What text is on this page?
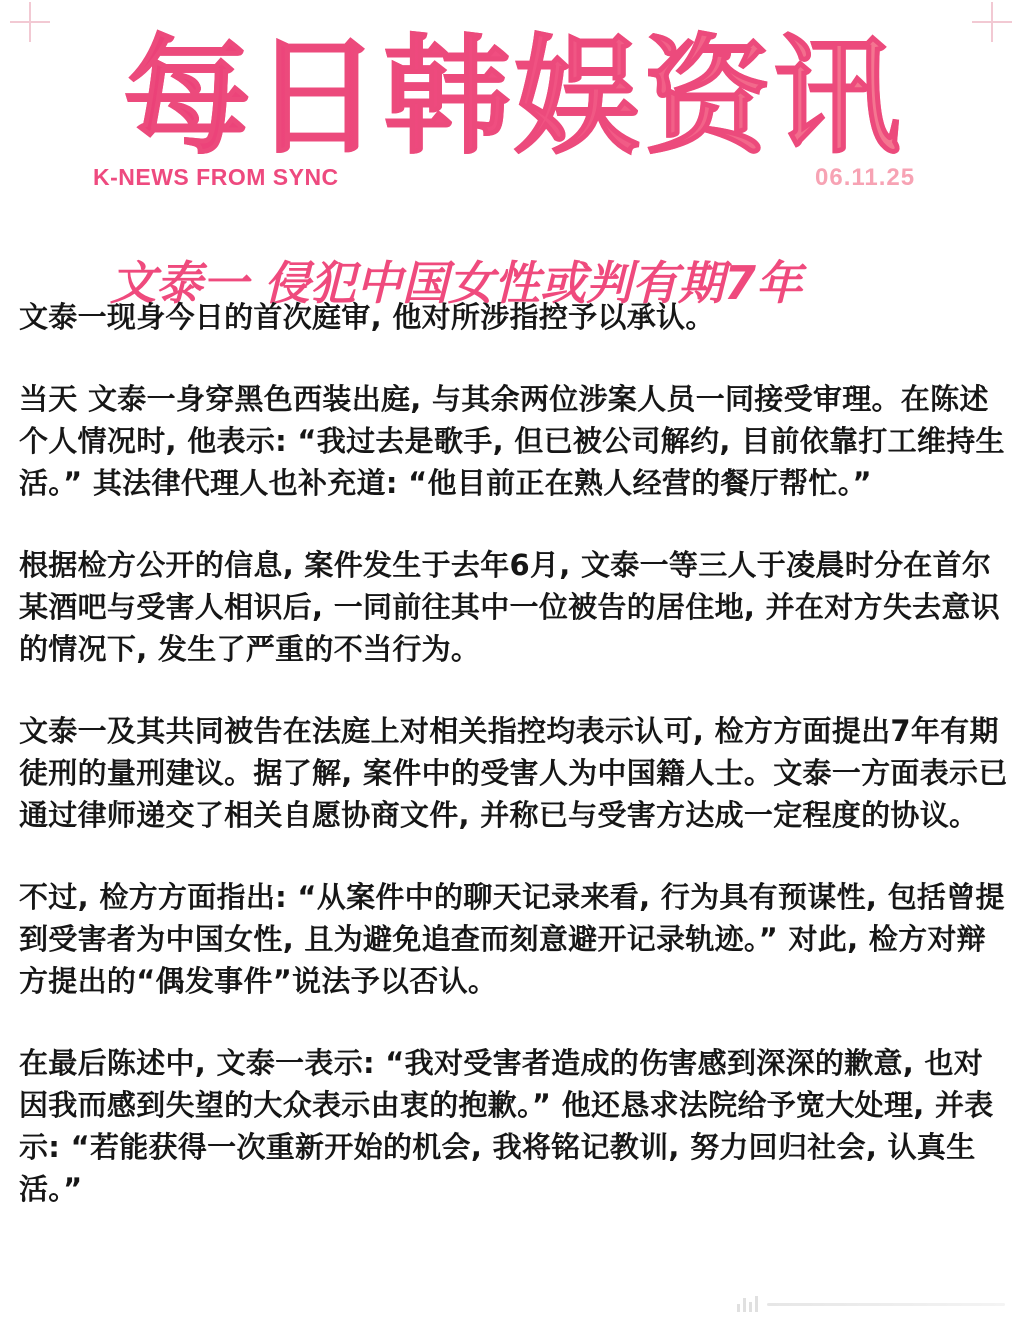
每日韩娱资讯
K-NEWS FROM SYNC	06.11.25
文泰一 侵犯中国女性或判有期7年

文泰一现身今日的首次庭审, 他对所涉指控予以承认。

当天 文泰一身穿黑色西装出庭, 与其余两位涉案人员一同接受审理。在陈述个人情况时, 他表示: “我过去是歌手, 但已被公司解约, 目前依靠打工维持生活。” 其法律代理人也补充道: “他目前正在熟人经营的餐厅帮忙。”

根据检方公开的信息, 案件发生于去年6月, 文泰一等三人于凌晨时分在首尔某酒吧与受害人相识后, 一同前往其中一位被告的居住地, 并在对方失去意识的情况下, 发生了严重的不当行为。

文泰一及其共同被告在法庭上对相关指控均表示认可, 检方方面提出7年有期徒刑的量刑建议。据了解, 案件中的受害人为中国籍人士。文泰一方面表示已通过律师递交了相关自愿协商文件, 并称已与受害方达成一定程度的协议。

不过, 检方方面指出: “从案件中的聊天记录来看, 行为具有预谋性, 包括曾提到受害者为中国女性, 且为避免追查而刻意避开记录轨迹。” 对此, 检方对辩方提出的“偶发事件”说法予以否认。

在最后陈述中, 文泰一表示: “我对受害者造成的伤害感到深深的歉意, 也对因我而感到失望的大众表示由衷的抱歉。” 他还恳求法院给予宽大处理, 并表示: “若能获得一次重新开始的机会, 我将铭记教训, 努力回归社会, 认真生活。”
